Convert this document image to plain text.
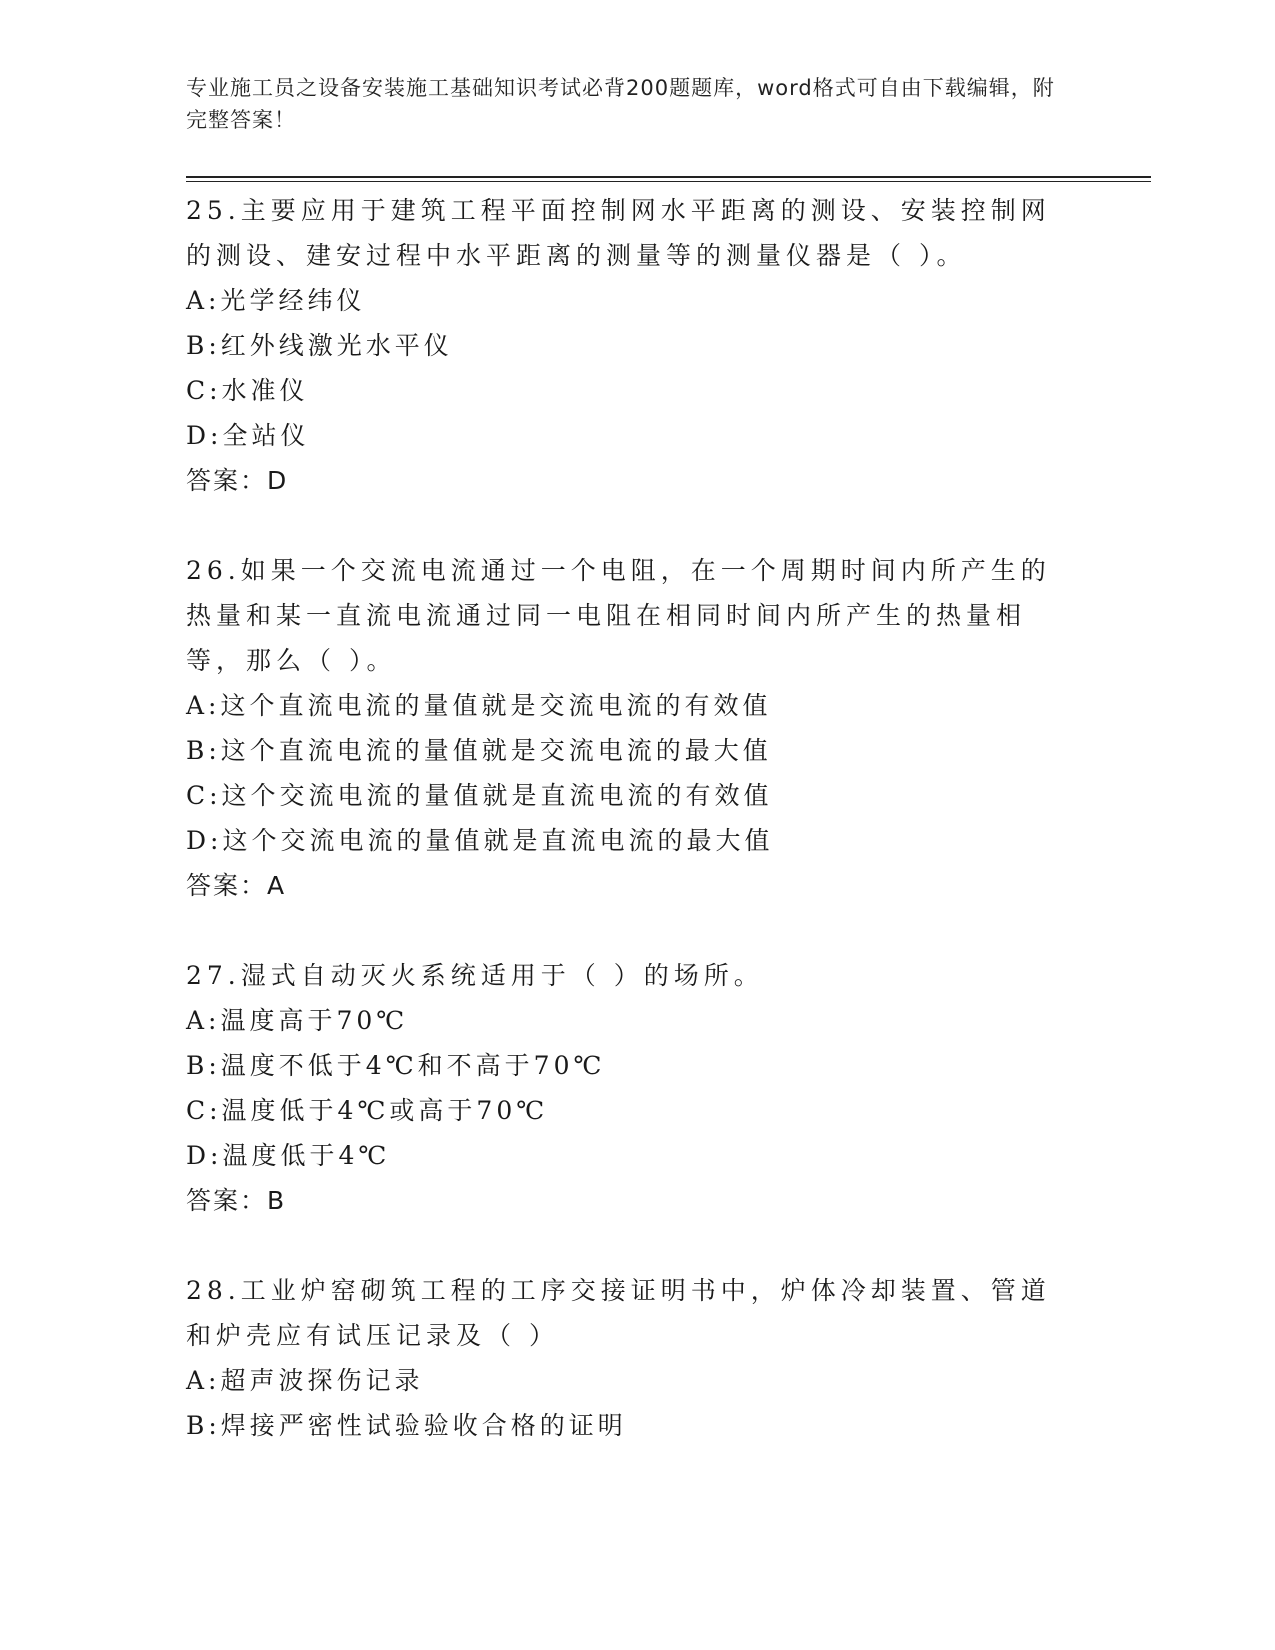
专业施工员之设备安装施工基础知识考试必背200题题库，word格式可自由下载编辑，附完整答案！

25.主要应用于建筑工程平面控制网水平距离的测设、安装控制网的测设、建安过程中水平距离的测量等的测量仪器是（ ）。

A:光学经纬仪

B:红外线激光水平仪

C:水准仪

D:全站仪

答案：D

26.如果一个交流电流通过一个电阻，在一个周期时间内所产生的热量和某一直流电流通过同一电阻在相同时间内所产生的热量相等，那么（ ）。

A:这个直流电流的量值就是交流电流的有效值

B:这个直流电流的量值就是交流电流的最大值

C:这个交流电流的量值就是直流电流的有效值

D:这个交流电流的量值就是直流电流的最大值

答案：A

27.湿式自动灭火系统适用于（ ）的场所。

A:温度高于70℃

B:温度不低于4℃和不高于70℃

C:温度低于4℃或高于70℃

D:温度低于4℃

答案：B

28.工业炉窑砌筑工程的工序交接证明书中，炉体冷却装置、管道和炉壳应有试压记录及（ ）

A:超声波探伤记录

B:焊接严密性试验验收合格的证明
